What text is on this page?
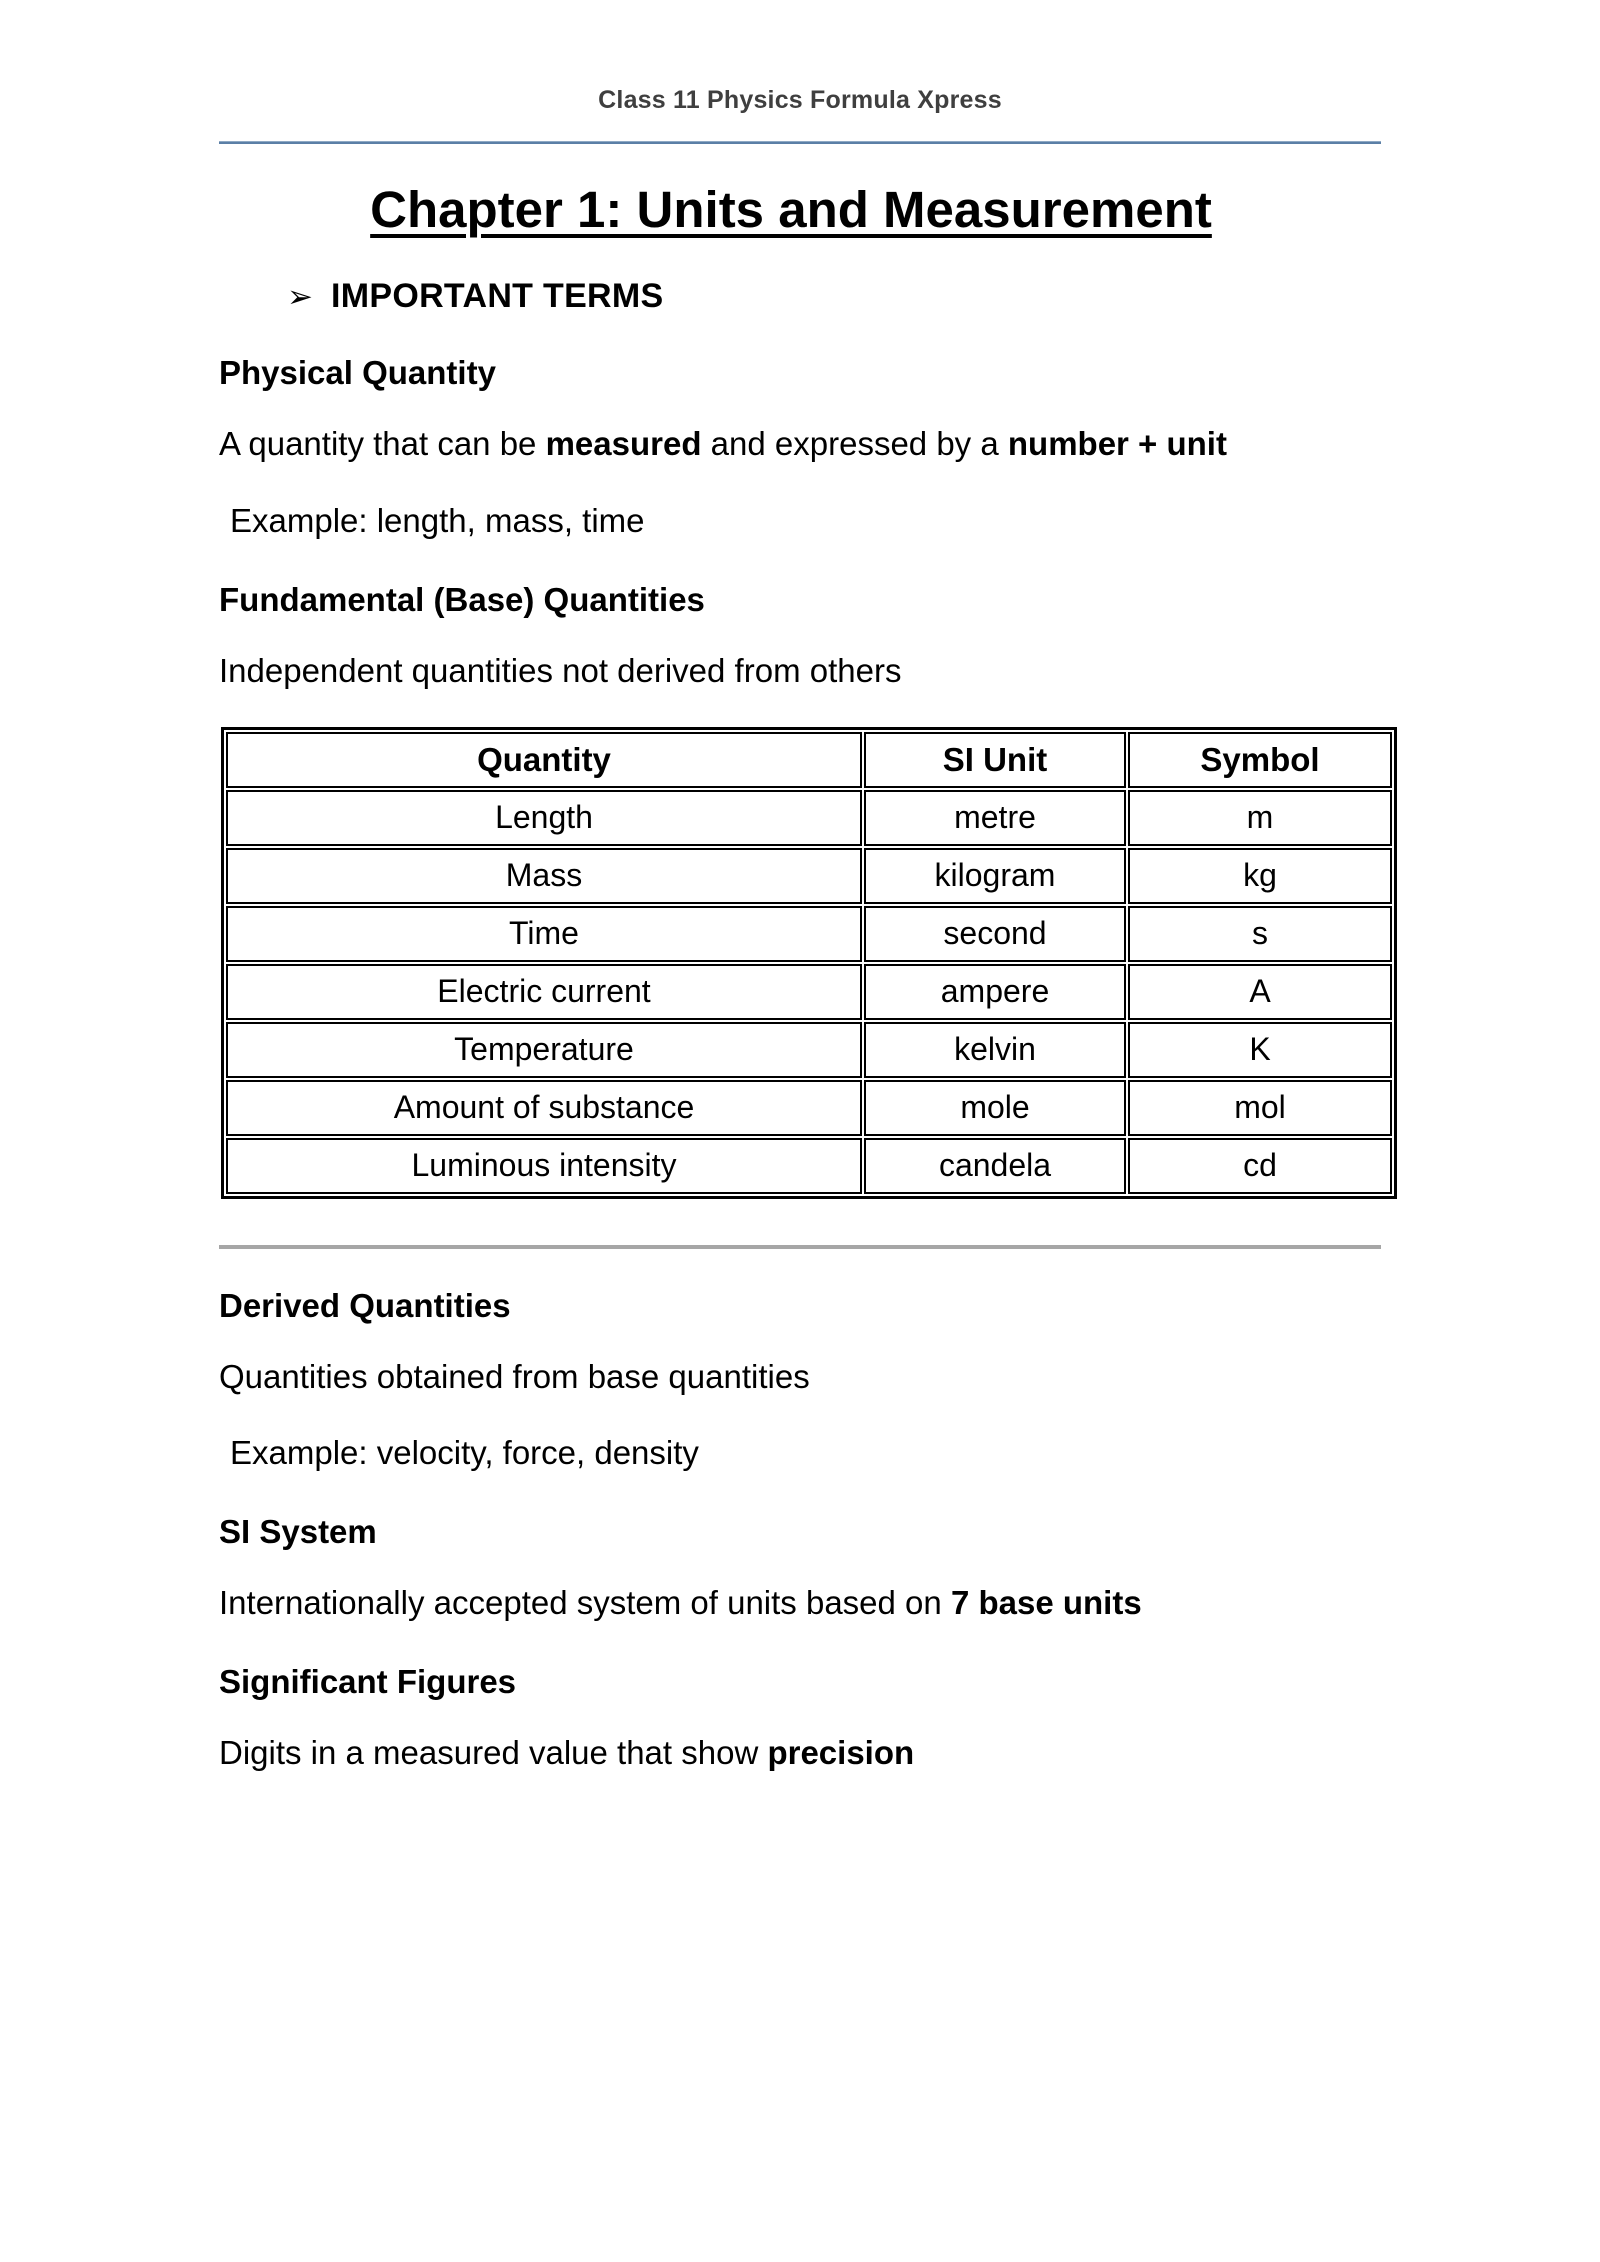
Class 11 Physics Formula Xpress
Chapter 1: Units and Measurement
➢ IMPORTANT TERMS
Physical Quantity

A quantity that can be measured and expressed by a number + unit

Example: length, mass, time
Fundamental (Base) Quantities

Independent quantities not derived from others

Quantity	SI Unit	Symbol
Length	metre	m
Mass	kilogram	kg
Time	second	s
Electric current	ampere	A
Temperature	kelvin	K
Amount of substance	mole	mol
Luminous intensity	candela	cd
Derived Quantities

Quantities obtained from base quantities

Example: velocity, force, density
SI System

Internationally accepted system of units based on 7 base units

Significant Figures

Digits in a measured value that show precision
